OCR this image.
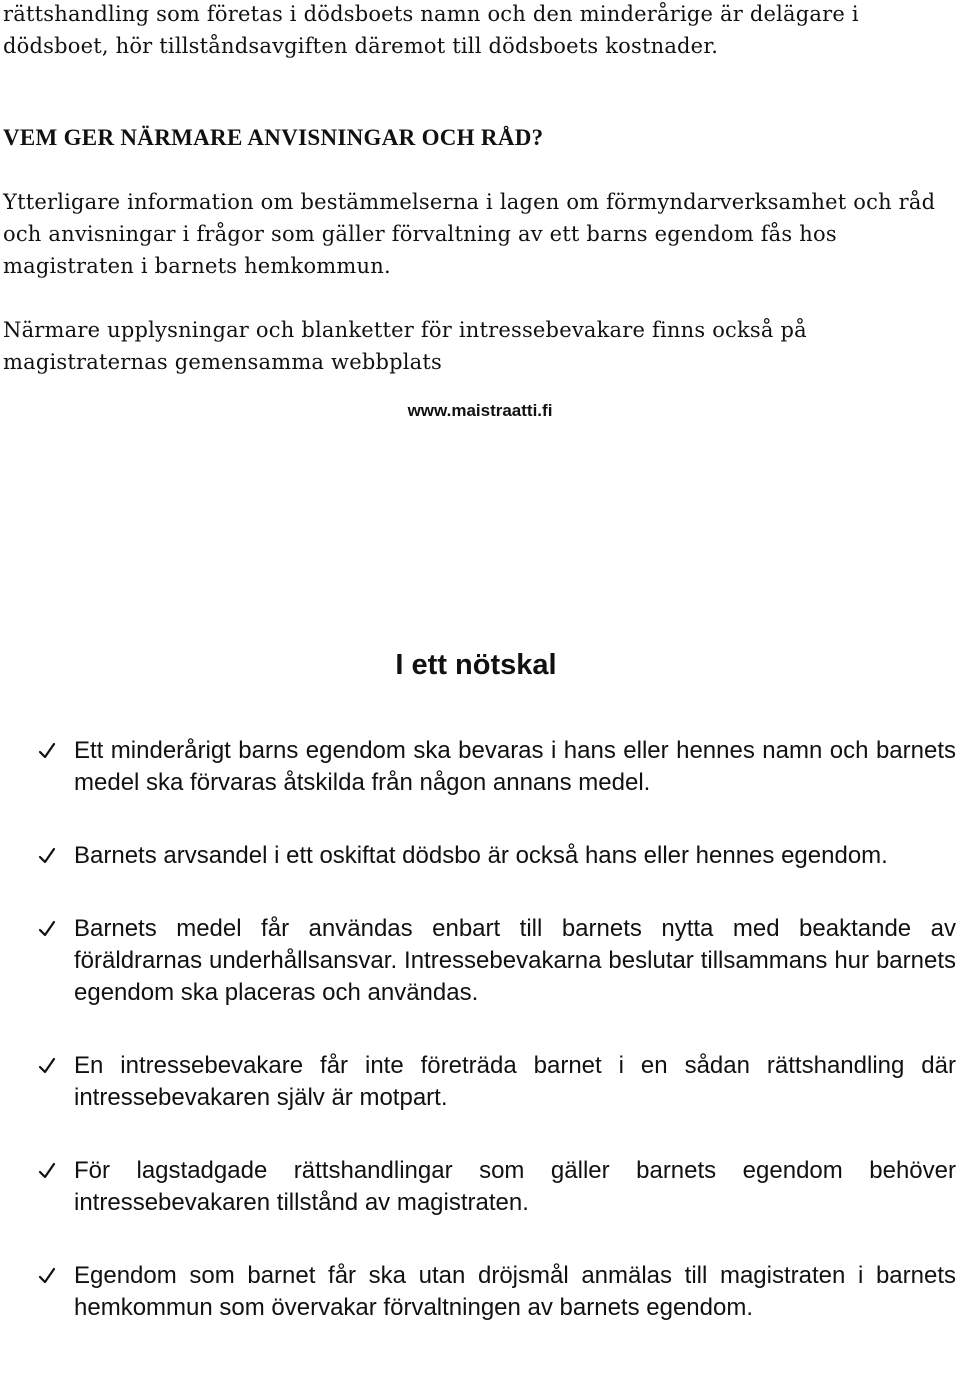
rättshandling som företas i dödsboets namn och den minderårige är delägare i dödsboet, hör tillståndsavgiften däremot till dödsboets kostnader.

VEM GER NÄRMARE ANVISNINGAR OCH RÅD?

Ytterligare information om bestämmelserna i lagen om förmyndarverksamhet och råd och anvisningar i frågor som gäller förvaltning av ett barns egendom fås hos magistraten i barnets hemkommun.

Närmare upplysningar och blanketter för intressebevakare finns också på magistraternas gemensamma webbplats

www.maistraatti.fi

I ett nötskal
Ett minderårigt barns egendom ska bevaras i hans eller hennes namn och barnets medel ska förvaras åtskilda från någon annans medel.
Barnets arvsandel i ett oskiftat dödsbo är också hans eller hennes egendom.
Barnets medel får användas enbart till barnets nytta med beaktande av föräldrarnas underhållsansvar. Intressebevakarna beslutar tillsammans hur barnets egendom ska placeras och användas.
En intressebevakare får inte företräda barnet i en sådan rättshandling där intressebevakaren själv är motpart.
För lagstadgade rättshandlingar som gäller barnets egendom behöver intressebevakaren tillstånd av magistraten.
Egendom som barnet får ska utan dröjsmål anmälas till magistraten i barnets hemkommun som övervakar förvaltningen av barnets egendom.
